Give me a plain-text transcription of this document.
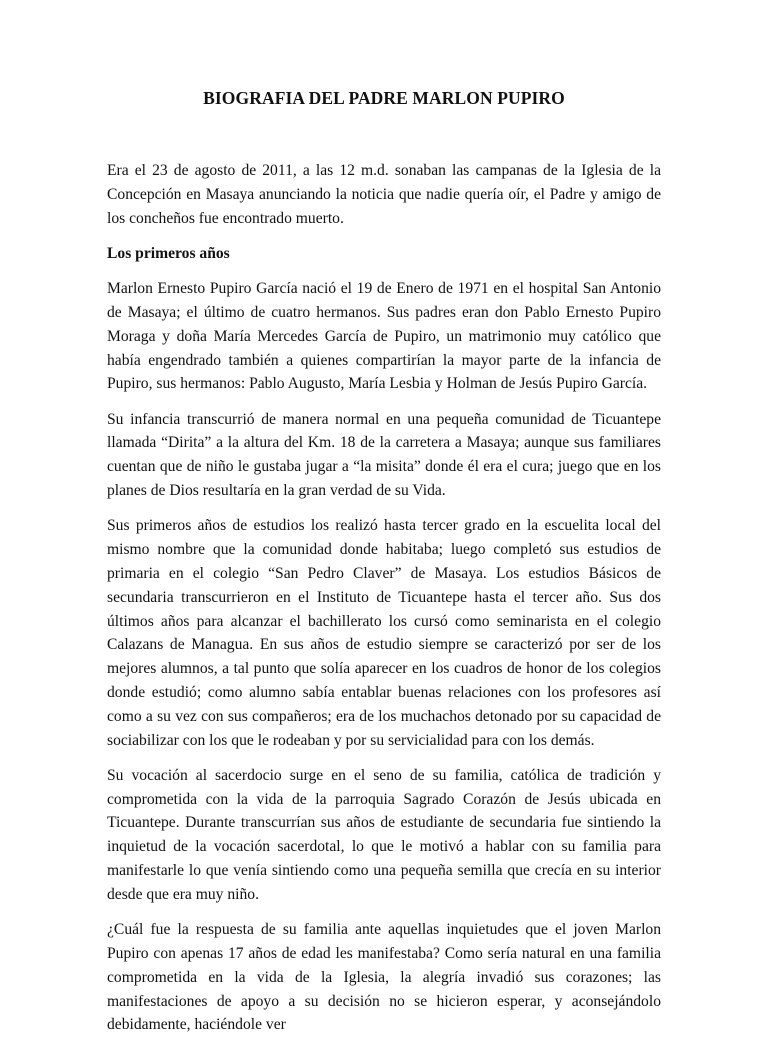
BIOGRAFIA DEL PADRE MARLON PUPIRO

Era el 23 de agosto de 2011, a las 12 m.d. sonaban las campanas de la Iglesia de la Concepción en Masaya anunciando la noticia que nadie quería oír, el Padre y amigo de los concheños fue encontrado muerto.

Los primeros años

Marlon Ernesto Pupiro García nació el 19 de Enero de 1971 en el hospital San Antonio de Masaya; el último de cuatro hermanos. Sus padres eran don Pablo Ernesto Pupiro Moraga y doña María Mercedes García de Pupiro, un matrimonio muy católico que había engendrado también a quienes compartirían la mayor parte de la infancia de Pupiro, sus hermanos: Pablo Augusto, María Lesbia y Holman de Jesús Pupiro García.

Su infancia transcurrió de manera normal en una pequeña comunidad de Ticuantepe llamada “Dirita” a la altura del Km. 18 de la carretera a Masaya; aunque sus familiares cuentan que de niño le gustaba jugar a “la misita” donde él era el cura; juego que en los planes de Dios resultaría en la gran verdad de su Vida.

Sus primeros años de estudios los realizó hasta tercer grado en la escuelita local del mismo nombre que la comunidad donde habitaba; luego completó sus estudios de primaria en el colegio “San Pedro Claver” de Masaya. Los estudios Básicos de secundaria transcurrieron en el Instituto de Ticuantepe hasta el tercer año. Sus dos últimos años para alcanzar el bachillerato los cursó como seminarista en el colegio Calazans de Managua. En sus años de estudio siempre se caracterizó por ser de los mejores alumnos, a tal punto que solía aparecer en los cuadros de honor de los colegios donde estudió; como alumno sabía entablar buenas relaciones con los profesores así como a su vez con sus compañeros; era de los muchachos detonado por su capacidad de sociabilizar con los que le rodeaban y por su servicialidad para con los demás.

Su vocación al sacerdocio surge en el seno de su familia, católica de tradición y comprometida con la vida de la parroquia Sagrado Corazón de Jesús ubicada en Ticuantepe. Durante transcurrían sus años de estudiante de secundaria fue sintiendo la inquietud de la vocación sacerdotal, lo que le motivó a hablar con su familia para manifestarle lo que venía sintiendo como una pequeña semilla que crecía en su interior desde que era muy niño.

¿Cuál fue la respuesta de su familia ante aquellas inquietudes que el joven Marlon Pupiro con apenas 17 años de edad les manifestaba? Como sería natural en una familia comprometida en la vida de la Iglesia, la alegría invadió sus corazones; las manifestaciones de apoyo a su decisión no se hicieron esperar, y aconsejándolo debidamente, haciéndole ver
